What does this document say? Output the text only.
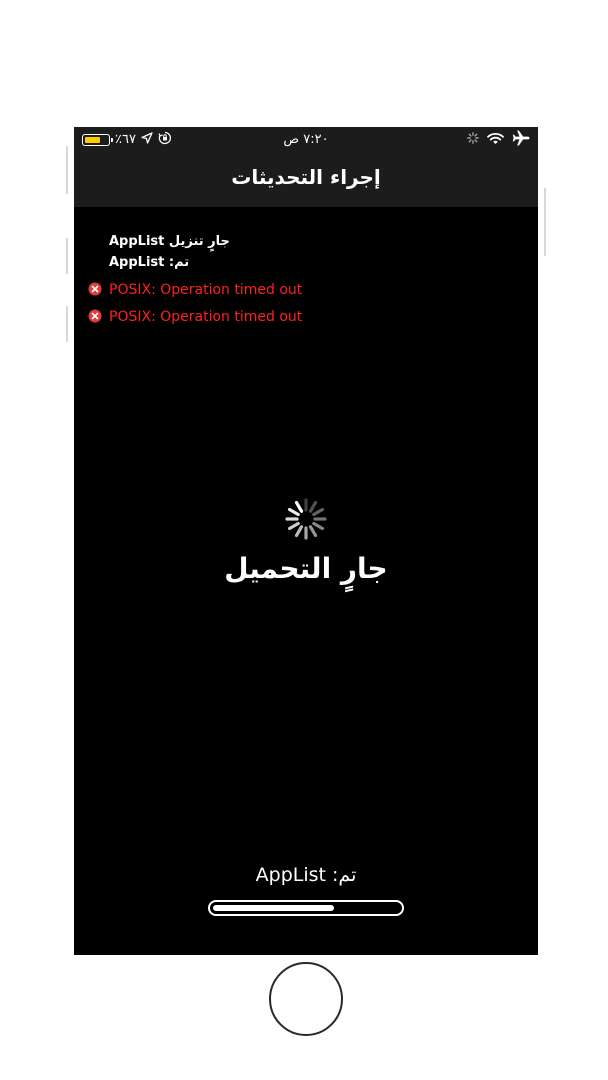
٪٦٧	٧:٢٠ ص
إجراء التحديثات
AppList جارٍ تنزيل
AppList :تم
POSIX: Operation timed out
POSIX: Operation timed out
جارٍ التحميل
AppList :تم
